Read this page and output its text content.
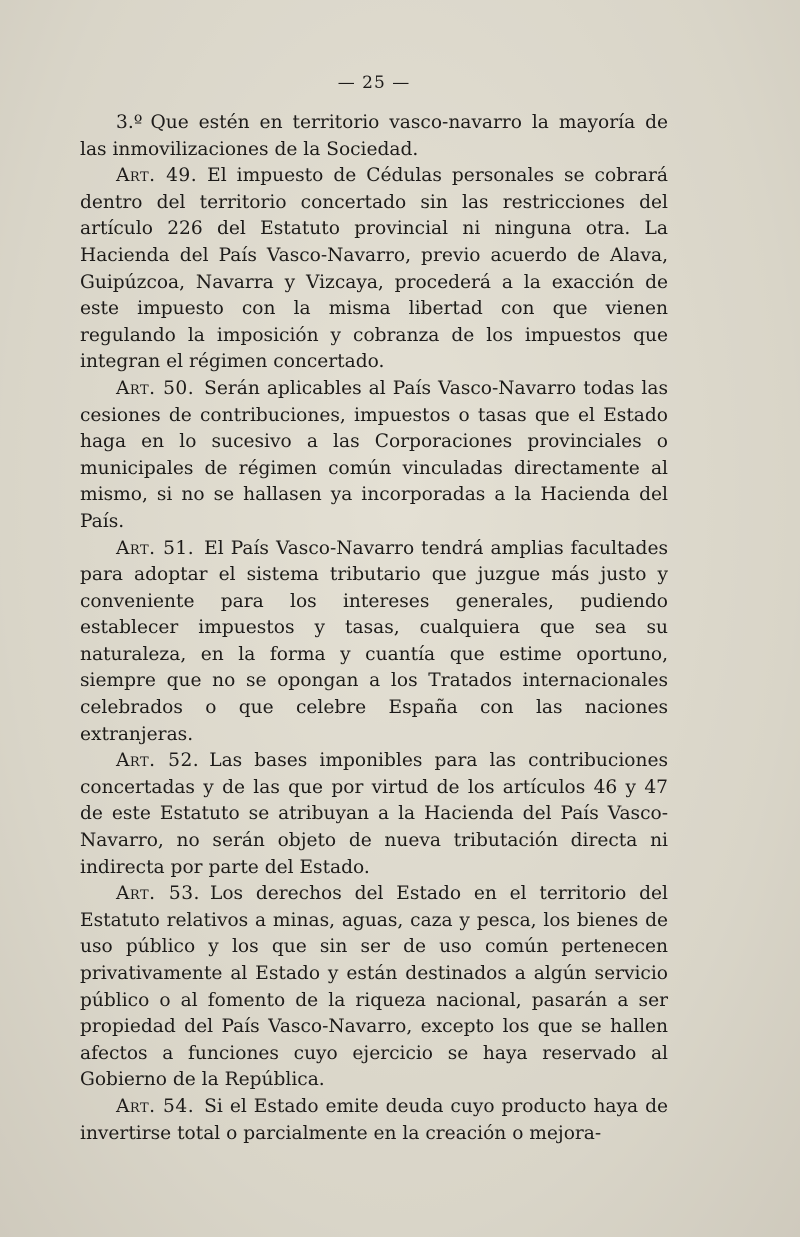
— 25 —

3.º Que estén en territorio vasco-navarro la mayoría de las inmovilizaciones de la Sociedad.

Art. 49. El impuesto de Cédulas personales se cobrará dentro del territorio concertado sin las restricciones del artículo 226 del Estatuto provincial ni ninguna otra. La Hacienda del País Vasco-Navarro, previo acuerdo de Alava, Guipúzcoa, Navarra y Vizcaya, procederá a la exacción de este impuesto con la misma libertad con que vienen regulando la imposición y cobranza de los impuestos que integran el régimen concertado.

Art. 50. Serán aplicables al País Vasco-Navarro todas las cesiones de contribuciones, impuestos o tasas que el Estado haga en lo sucesivo a las Corporaciones provinciales o municipales de régimen común vinculadas directamente al mismo, si no se hallasen ya incorporadas a la Hacienda del País.

Art. 51. El País Vasco-Navarro tendrá amplias facultades para adoptar el sistema tributario que juzgue más justo y conveniente para los intereses generales, pudiendo establecer impuestos y tasas, cualquiera que sea su naturaleza, en la forma y cuantía que estime oportuno, siempre que no se opongan a los Tratados internacionales celebrados o que celebre España con las naciones extranjeras.

Art. 52. Las bases imponibles para las contribuciones concertadas y de las que por virtud de los artículos 46 y 47 de este Estatuto se atribuyan a la Hacienda del País Vasco-Navarro, no serán objeto de nueva tributación directa ni indirecta por parte del Estado.

Art. 53. Los derechos del Estado en el territorio del Estatuto relativos a minas, aguas, caza y pesca, los bienes de uso público y los que sin ser de uso común pertenecen privativamente al Estado y están destinados a algún servicio público o al fomento de la riqueza nacional, pasarán a ser propiedad del País Vasco-Navarro, excepto los que se hallen afectos a funciones cuyo ejercicio se haya reservado al Gobierno de la República.

Art. 54. Si el Estado emite deuda cuyo producto haya de invertirse total o parcialmente en la creación o mejora-
